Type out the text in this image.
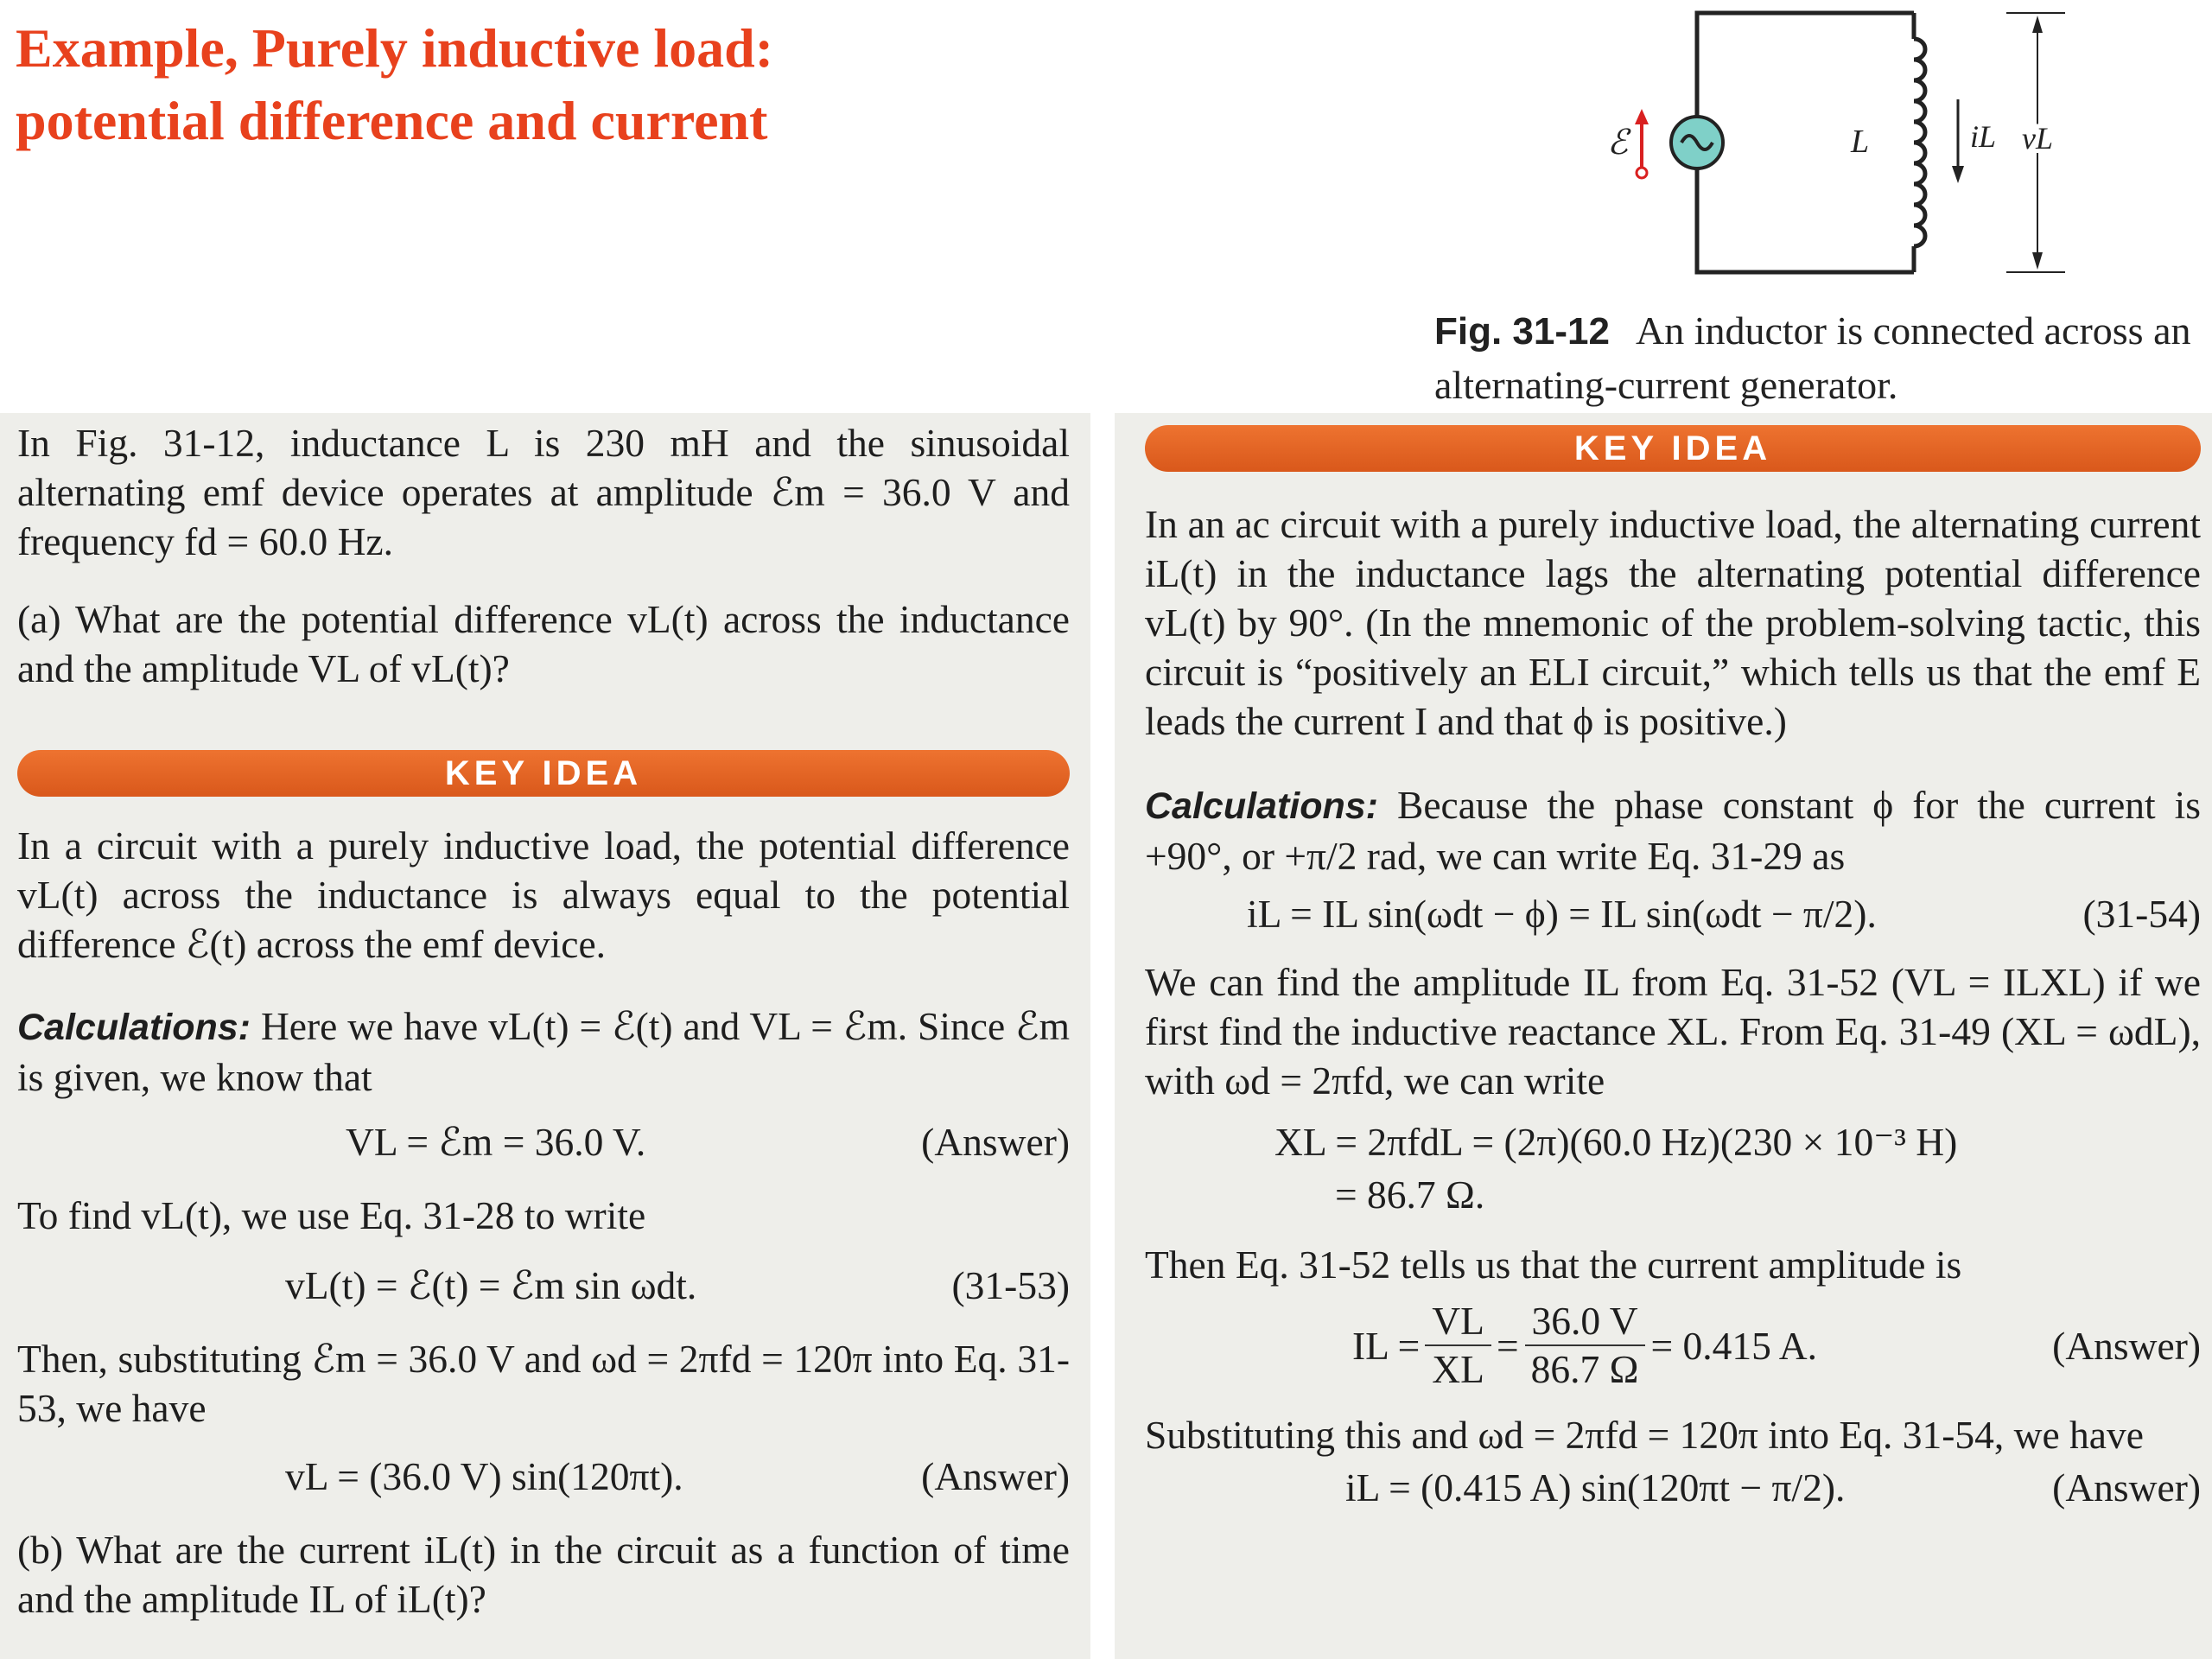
Example, Purely inductive load:
potential difference and current	ℰ	L	iL vL
Fig. 31-12 An inductor is connected across an alternating-current generator.

In Fig. 31-12, inductance L is 230 mH and the sinusoidal alternating emf device operates at amplitude ℰm = 36.0 V and frequency fd = 60.0 Hz.

(a) What are the potential difference vL(t) across the inductance and the amplitude VL of vL(t)?

KEY IDEA

In a circuit with a purely inductive load, the potential difference vL(t) across the inductance is always equal to the potential difference ℰ(t) across the emf device.

Calculations: Here we have vL(t) = ℰ(t) and VL = ℰm. Since ℰm is given, we know that

VL = ℰm = 36.0 V.	(Answer)

To find vL(t), we use Eq. 31-28 to write

vL(t) = ℰ(t) = ℰm sin ωdt.	(31-53)

Then, substituting ℰm = 36.0 V and ωd = 2πfd = 120π into Eq. 31-53, we have

vL = (36.0 V) sin(120πt).	(Answer)

(b) What are the current iL(t) in the circuit as a function of time and the amplitude IL of iL(t)?

KEY IDEA

In an ac circuit with a purely inductive load, the alternating current iL(t) in the inductance lags the alternating potential difference vL(t) by 90°. (In the mnemonic of the problem-solving tactic, this circuit is “positively an ELI circuit,” which tells us that the emf E leads the current I and that ϕ is positive.)

Calculations: Because the phase constant ϕ for the current is +90°, or +π/2 rad, we can write Eq. 31-29 as

iL = IL sin(ωdt − ϕ) = IL sin(ωdt − π/2).	(31-54)

We can find the amplitude IL from Eq. 31-52 (VL = ILXL) if we first find the inductive reactance XL. From Eq. 31-49 (XL = ωdL), with ωd = 2πfd, we can write

XL = 2πfdL = (2π)(60.0 Hz)(230 × 10⁻³ H)
= 86.7 Ω.

Then Eq. 31-52 tells us that the current amplitude is

IL = $\frac{VL}{XL} = \frac{36.0 V}{86.7 \Omega} = 0.415$ A.	(Answer)

Substituting this and ωd = 2πfd = 120π into Eq. 31-54, we have

iL = (0.415 A) sin(120πt − π/2).	(Answer)
